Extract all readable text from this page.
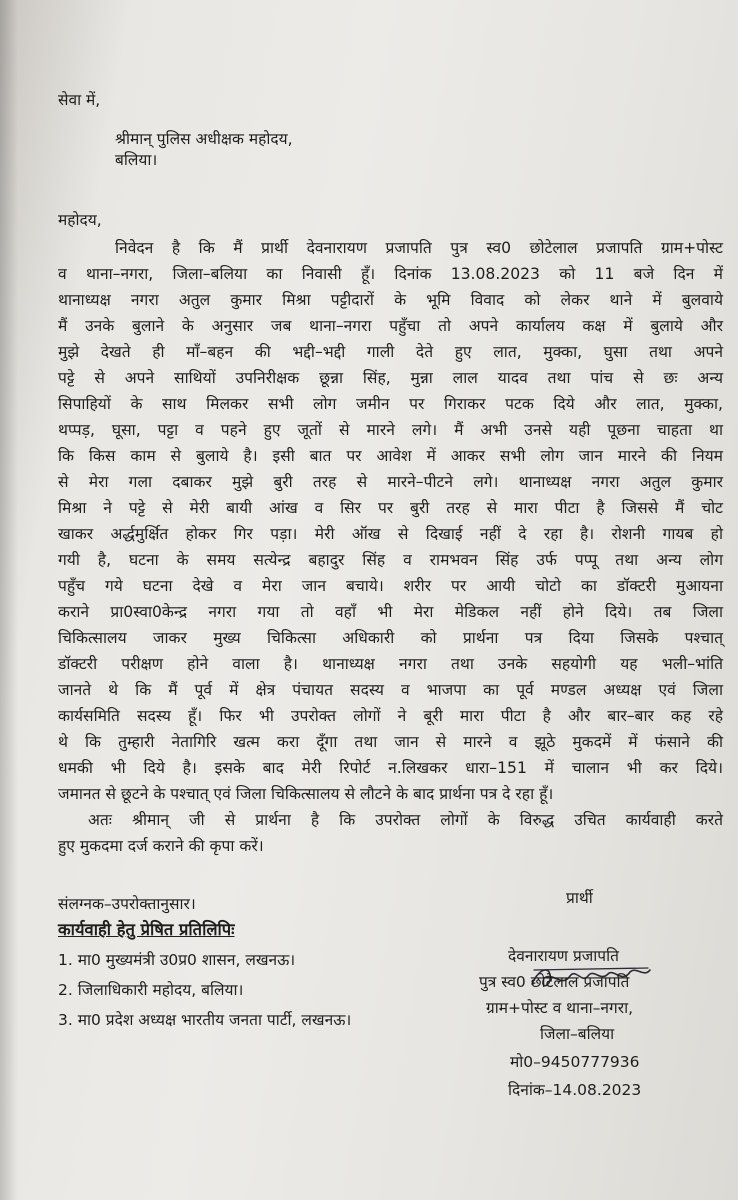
सेवा में,
श्रीमान् पुलिस अधीक्षक महोदय,
बलिया।
महोदय,
निवेदन है कि मैं प्रार्थी देवनारायण प्रजापति पुत्र स्व0 छोटेलाल प्रजापति ग्राम+पोस्ट
व थाना–नगरा, जिला–बलिया का निवासी हूँ। दिनांक 13.08.2023 को 11 बजे दिन में
थानाध्यक्ष नगरा अतुल कुमार मिश्रा पट्टीदारों के भूमि विवाद को लेकर थाने में बुलवाये
मैं उनके बुलाने के अनुसार जब थाना–नगरा पहुँचा तो अपने कार्यालय कक्ष में बुलाये और
मुझे देखते ही माँ–बहन की भद्दी–भद्दी गाली देते हुए लात, मुक्का, घुसा तथा अपने
पट्टे से अपने साथियों उपनिरीक्षक छून्ना सिंह, मुन्ना लाल यादव तथा पांच से छः अन्य
सिपाहियों के साथ मिलकर सभी लोग जमीन पर गिराकर पटक दिये और लात, मुक्का,
थप्पड़, घूसा, पट्टा व पहने हुए जूतों से मारने लगे। मैं अभी उनसे यही पूछना चाहता था
कि किस काम से बुलाये है। इसी बात पर आवेश में आकर सभी लोग जान मारने की नियम
से मेरा गला दबाकर मुझे बुरी तरह से मारने–पीटने लगे। थानाध्यक्ष नगरा अतुल कुमार
मिश्रा ने पट्टे से मेरी बायी आंख व सिर पर बुरी तरह से मारा पीटा है जिससे मैं चोट
खाकर अर्द्धमुर्क्षित होकर गिर पड़ा। मेरी ऑख से दिखाई नहीं दे रहा है। रोशनी गायब हो
गयी है, घटना के समय सत्येन्द्र बहादुर सिंह व रामभवन सिंह उर्फ पप्पू तथा अन्य लोग
पहुँच गये घटना देखे व मेरा जान बचाये। शरीर पर आयी चोटो का डॉक्टरी मुआयना
कराने प्रा0स्वा0केन्द्र नगरा गया तो वहाँ भी मेरा मेडिकल नहीं होने दिये। तब जिला
चिकित्सालय जाकर मुख्य चिकित्सा अधिकारी को प्रार्थना पत्र दिया जिसके पश्चात्
डॉक्टरी परीक्षण होने वाला है। थानाध्यक्ष नगरा तथा उनके सहयोगी यह भली–भांति
जानते थे कि मैं पूर्व में क्षेत्र पंचायत सदस्य व भाजपा का पूर्व मण्डल अध्यक्ष एवं जिला
कार्यसमिति सदस्य हूँ। फिर भी उपरोक्त लोगों ने बूरी मारा पीटा है और बार–बार कह रहे
थे कि तुम्हारी नेतागिरि खत्म करा दूँगा तथा जान से मारने व झूठे मुकदमें में फंसाने की
धमकी भी दिये है। इसके बाद मेरी रिपोर्ट न.लिखकर धारा–151 में चालान भी कर दिये।
जमानत से छूटने के पश्चात् एवं जिला चिकित्सालय से लौटने के बाद प्रार्थना पत्र दे रहा हूँ।
अतः श्रीमान् जी से प्रार्थना है कि उपरोक्त लोगों के विरुद्ध उचित कार्यवाही करते
हुए मुकदमा दर्ज कराने की कृपा करें।
संलग्नक–उपरोक्तानुसार।
कार्यवाही हेतु प्रेषित प्रतिलिपिः
1. मा0 मुख्यमंत्री उ0प्र0 शासन, लखनऊ।
2. जिलाधिकारी महोदय, बलिया।
3. मा0 प्रदेश अध्यक्ष भारतीय जनता पार्टी, लखनऊ।
प्रार्थी
देवनारायण प्रजापति
पुत्र स्व0 छोटेलाल प्रजापति
ग्राम+पोस्ट व थाना–नगरा,
जिला–बलिया
मो0–9450777936
दिनांक–14.08.2023
